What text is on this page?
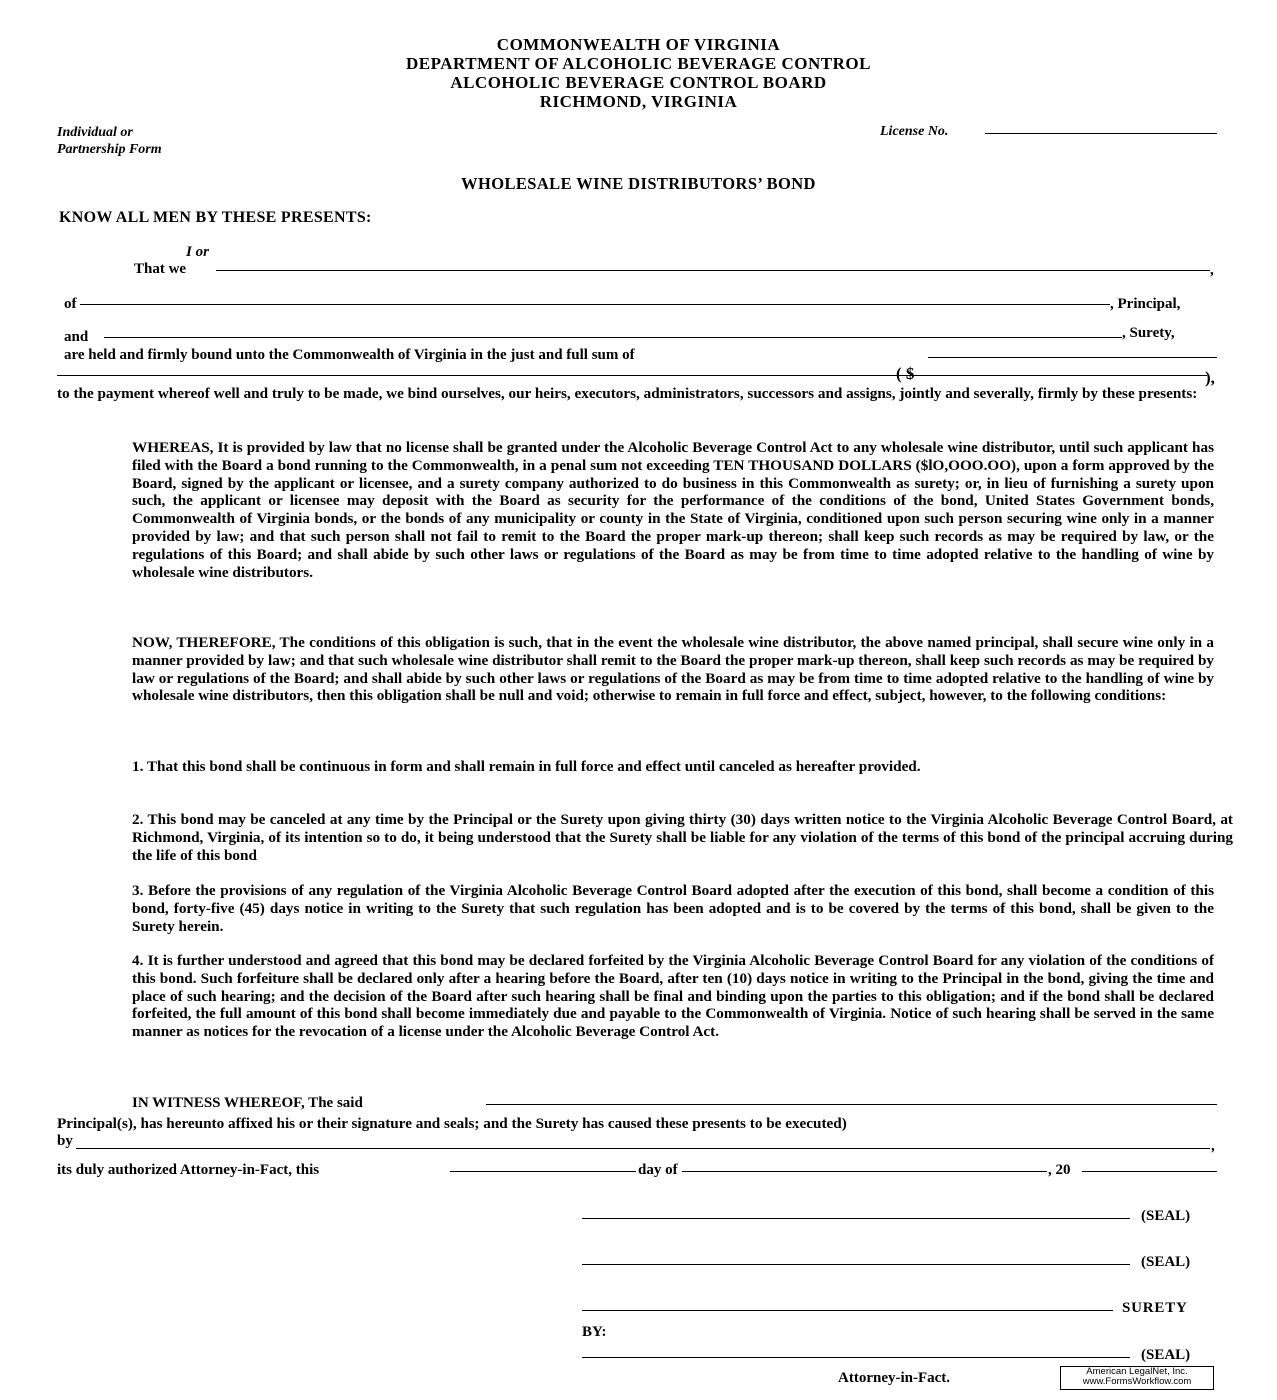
COMMONWEALTH OF VIRGINIA
DEPARTMENT OF ALCOHOLIC BEVERAGE CONTROL
ALCOHOLIC BEVERAGE CONTROL BOARD
RICHMOND, VIRGINIA
Individual or
Partnership Form
License No.
WHOLESALE WINE DISTRIBUTORS’ BOND
KNOW ALL MEN BY THESE PRESENTS:
I or
That we	,
of	, Principal,
and	, Surety,
are held and firmly bound unto the Commonwealth of Virginia in the just and full sum of
( $	),

to the payment whereof well and truly to be made, we bind ourselves, our heirs, executors, administrators, successors and assigns, jointly and severally, firmly by these presents:

WHEREAS, It is provided by law that no license shall be granted under the Alcoholic Beverage Control Act to any wholesale wine distributor, until such applicant has filed with the Board a bond running to the Commonwealth, in a penal sum not exceeding TEN THOUSAND DOLLARS ($lO,OOO.OO), upon a form approved by the Board, signed by the applicant or licensee, and a surety company authorized to do business in this Commonwealth as surety; or, in lieu of furnishing a surety upon such, the applicant or licensee may deposit with the Board as security for the performance of the conditions of the bond, United States Government bonds, Commonwealth of Virginia bonds, or the bonds of any municipality or county in the State of Virginia, conditioned upon such person securing wine only in a manner provided by law; and that such person shall not fail to remit to the Board the proper mark-up thereon; shall keep such records as may be required by law, or the regulations of this Board; and shall abide by such other laws or regulations of the Board as may be from time to time adopted relative to the handling of wine by wholesale wine distributors.

NOW, THEREFORE, The conditions of this obligation is such, that in the event the wholesale wine distributor, the above named principal, shall secure wine only in a manner provided by law; and that such wholesale wine distributor shall remit to the Board the proper mark-up thereon, shall keep such records as may be required by law or regulations of the Board; and shall abide by such other laws or regulations of the Board as may be from time to time adopted relative to the handling of wine by wholesale wine distributors, then this obligation shall be null and void; otherwise to remain in full force and effect, subject, however, to the following conditions:

1. That this bond shall be continuous in form and shall remain in full force and effect until canceled as hereafter provided.

2. This bond may be canceled at any time by the Principal or the Surety upon giving thirty (30) days written notice to the Virginia Alcoholic Beverage Control Board, at Richmond, Virginia, of its intention so to do, it being understood that the Surety shall be liable for any violation of the terms of this bond of the principal accruing during the life of this bond

3. Before the provisions of any regulation of the Virginia Alcoholic Beverage Control Board adopted after the execution of this bond, shall become a condition of this bond, forty-five (45) days notice in writing to the Surety that such regulation has been adopted and is to be covered by the terms of this bond, shall be given to the Surety herein.

4. It is further understood and agreed that this bond may be declared forfeited by the Virginia Alcoholic Beverage Control Board for any violation of the conditions of this bond. Such forfeiture shall be declared only after a hearing before the Board, after ten (10) days notice in writing to the Principal in the bond, giving the time and place of such hearing; and the decision of the Board after such hearing shall be final and binding upon the parties to this obligation; and if the bond shall be declared forfeited, the full amount of this bond shall become immediately due and payable to the Commonwealth of Virginia. Notice of such hearing shall be served in the same manner as notices for the revocation of a license under the Alcoholic Beverage Control Act.

IN WITNESS WHEREOF, The said

Principal(s), has hereunto affixed his or their signature and seals; and the Surety has caused these presents to be executed)

by	,
its duly authorized Attorney-in-Fact, this	day of	, 20
(SEAL)
(SEAL)
SURETY
BY:
(SEAL)
Attorney-in-Fact.	American LegalNet, Inc.
www.FormsWorkflow.com
